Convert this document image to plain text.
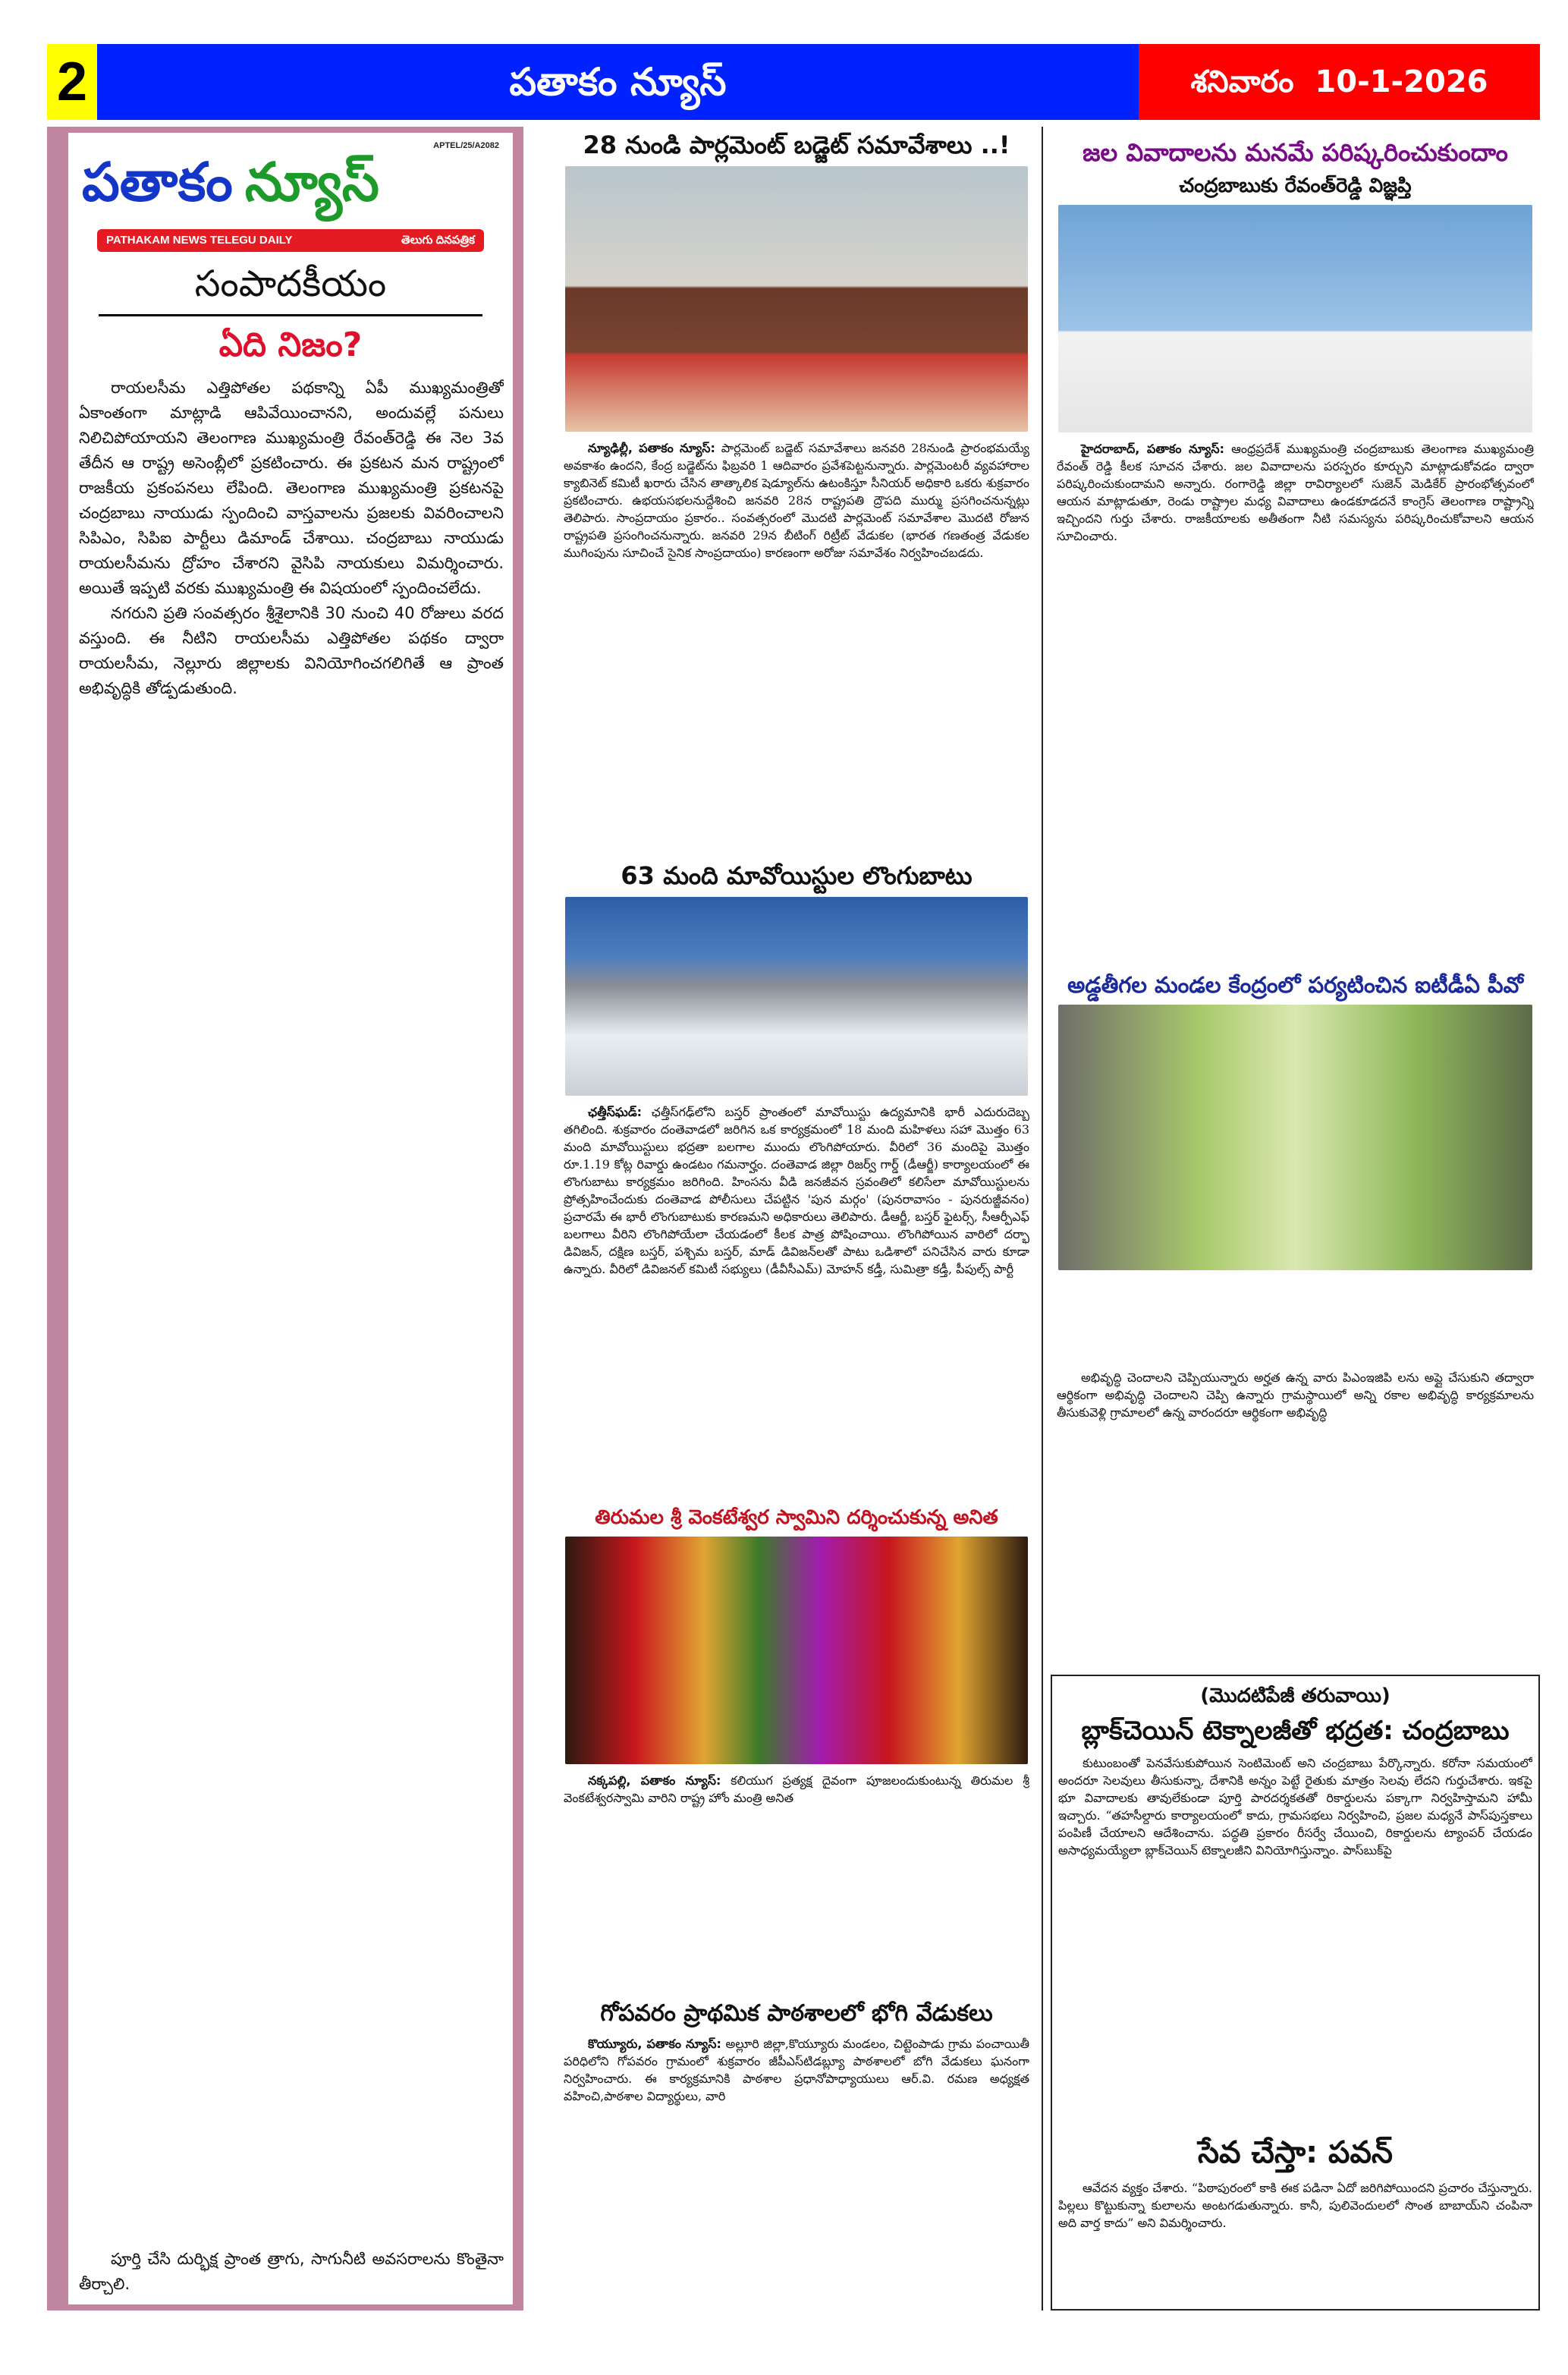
2	పతాకం న్యూస్	శనివారం 10-1-2026
APTEL/25/A2082
పతాకం న్యూస్
PATHAKAM NEWS TELEGU DAILY	తెలుగు దినపత్రిక
సంపాదకీయం
ఏది నిజం?

రాయలసీమ ఎత్తిపోతల పథకాన్ని ఏపీ ముఖ్యమంత్రితో ఏకాంతంగా మాట్లాడి ఆపివేయించానని, అందువల్లే పనులు నిలిచిపోయాయని తెలంగాణ ముఖ్యమంత్రి రేవంత్‌రెడ్డి ఈ నెల 3వ తేదీన ఆ రాష్ట్ర అసెంబ్లీలో ప్రకటించారు. ఈ ప్రకటన మన రాష్ట్రంలో రాజకీయ ప్రకంపనలు లేపింది. తెలంగాణ ముఖ్యమంత్రి ప్రకటనపై చంద్రబాబు నాయుడు స్పందించి వాస్తవాలను ప్రజలకు వివరించాలని సిపిఎం, సిపిఐ పార్టీలు డిమాండ్ చేశాయి. చంద్రబాబు నాయుడు రాయలసీమను ద్రోహం చేశారని వైసిపి నాయకులు విమర్శించారు. అయితే ఇప్పటి వరకు ముఖ్యమంత్రి ఈ విషయంలో స్పందించలేదు.

నగరుని ప్రతి సంవత్సరం శ్రీశైలానికి 30 నుంచి 40 రోజులు వరద వస్తుంది. ఈ నీటిని రాయలసీమ ఎత్తిపోతల పథకం ద్వారా రాయలసీమ, నెల్లూరు జిల్లాలకు వినియోగించగలిగితే ఆ ప్రాంత అభివృద్ధికి తోడ్పడుతుంది.

పూర్తి చేసి దుర్భిక్ష ప్రాంత త్రాగు, సాగునీటి అవసరాలను కొంతైనా తీర్చాలి.

28 నుండి పార్లమెంట్ బడ్జెట్ సమావేశాలు ..!

న్యూఢిల్లీ, పతాకం న్యూస్: పార్లమెంట్ బడ్జెట్ సమావేశాలు జనవరి 28నుండి ప్రారంభమయ్యే అవకాశం ఉందని, కేంద్ర బడ్జెట్‌ను ఫిబ్రవరి 1 ఆదివారం ప్రవేశపెట్టనున్నారు. పార్లమెంటరీ వ్యవహారాల క్యాబినెట్ కమిటీ ఖరారు చేసిన తాత్కాలిక షెడ్యూల్‌ను ఉటంకిస్తూ సీనియర్ అధికారి ఒకరు శుక్రవారం ప్రకటించారు. ఉభయసభలనుద్దేశించి జనవరి 28న రాష్ట్రపతి ద్రౌపది ముర్ము ప్రసగించనున్నట్లు తెలిపారు. సాంప్రదాయం ప్రకారం.. సంవత్సరంలో మొదటి పార్లమెంట్ సమావేశాల మొదటి రోజున రాష్ట్రపతి ప్రసంగించనున్నారు. జనవరి 29న బీటింగ్ రిట్రీట్ వేడుకల (భారత గణతంత్ర వేడుకల ముగింపును సూచించే సైనిక సాంప్రదాయం) కారణంగా అరోజు సమావేశం నిర్వహించబడదు.

63 మంది మావోయిస్టుల లొంగుబాటు

ఛత్తీస్‌ఘడ్: ఛత్తీస్‌గఢ్‌లోని బస్తర్ ప్రాంతంలో మావోయిస్టు ఉద్యమానికి భారీ ఎదురుదెబ్బ తగిలింది. శుక్రవారం దంతెవాడలో జరిగిన ఒక కార్యక్రమంలో 18 మంది మహిళలు సహా మొత్తం 63 మంది మావోయిస్టులు భద్రతా బలగాల ముందు లొంగిపోయారు. వీరిలో 36 మందిపై మొత్తం రూ.1.19 కోట్ల రివార్డు ఉండటం గమనార్హం. దంతెవాడ జిల్లా రిజర్వ్ గార్డ్ (డీఆర్జీ) కార్యాలయంలో ఈ లొంగుబాటు కార్యక్రమం జరిగింది. హింసను వీడి జనజీవన స్రవంతిలో కలిసేలా మావోయిస్టులను ప్రోత్సహించేందుకు దంతెవాడ పోలీసులు చేపట్టిన 'పున మర్గం' (పునరావాసం - పునరుజ్జీవనం) ప్రచారమే ఈ భారీ లొంగుబాటుకు కారణమని అధికారులు తెలిపారు. డీఆర్జీ, బస్తర్ ఫైటర్స్, సీఆర్పీఎఫ్ బలగాలు వీరిని లొంగిపోయేలా చేయడంలో కీలక పాత్ర పోషించాయి. లొంగిపోయిన వారిలో దర్భా డివిజన్, దక్షిణ బస్తర్, పశ్చిమ బస్తర్, మాడ్ డివిజన్‌లతో పాటు ఒడిశాలో పనిచేసిన వారు కూడా ఉన్నారు. వీరిలో డివిజనల్ కమిటీ సభ్యులు (డీవీసీఎమ్) మోహన్ కడ్తీ, సుమిత్రా కడ్తీ, పీపుల్స్ పార్టీ

తిరుమల శ్రీ వెంకటేశ్వర స్వామిని దర్శించుకున్న అనిత

నక్కపల్లి, పతాకం న్యూస్: కలియుగ ప్రత్యక్ష దైవంగా పూజలందుకుంటున్న తిరుమల శ్రీ వెంకటేశ్వరస్వామి వారిని రాష్ట్ర హోం మంత్రి అనిత

గోపవరం ప్రాథమిక పాఠశాలలో భోగి వేడుకలు

కొయ్యూరు, పతాకం న్యూస్: అల్లూరి జిల్లా,కొయ్యూరు మండలం, చిట్టెంపాడు గ్రామ పంచాయితీ పరిధిలోని గోపవరం గ్రామంలో శుక్రవారం జీపీఎస్‌టిడబ్ల్యూ పాఠశాలలో బోగి వేడుకలు ఘనంగా నిర్వహించారు. ఈ కార్యక్రమానికి పాఠశాల ప్రధానోపాధ్యాయులు ఆర్.వి. రమణ అధ్యక్షత వహించి,పాఠశాల విద్యార్థులు, వారి

జల వివాదాలను మనమే పరిష్కరించుకుందాం
చంద్రబాబుకు రేవంత్‌రెడ్డి విజ్ఞప్తి

హైదరాబాద్, పతాకం న్యూస్: ఆంధ్రప్రదేశ్ ముఖ్యమంత్రి చంద్రబాబుకు తెలంగాణ ముఖ్యమంత్రి రేవంత్ రెడ్డి కీలక సూచన చేశారు. జల వివాదాలను పరస్పరం కూర్చుని మాట్లాడుకోవడం ద్వారా పరిష్కరించుకుందామని అన్నారు. రంగారెడ్డి జిల్లా రావిర్యాలలో సుజెన్ మెడికేర్ ప్రారంభోత్సవంలో ఆయన మాట్లాడుతూ, రెండు రాష్ట్రాల మధ్య వివాదాలు ఉండకూడదనే కాంగ్రెస్ తెలంగాణ రాష్ట్రాన్ని ఇచ్చిందని గుర్తు చేశారు. రాజకీయాలకు అతీతంగా నీటి సమస్యను పరిష్కరించుకోవాలని ఆయన సూచించారు.

అడ్డతీగల మండల కేంద్రంలో పర్యటించిన ఐటీడీఏ పీవో

అభివృద్ధి చెందాలని చెప్పియున్నారు అర్హత ఉన్న వారు పిఎంఇజిపి లను అప్లై చేసుకుని తద్వారా ఆర్థికంగా అభివృద్ధి చెందాలని చెప్పి ఉన్నారు గ్రామస్థాయిలో అన్ని రకాల అభివృద్ధి కార్యక్రమాలను తీసుకువెళ్లి గ్రామాలలో ఉన్న వారందరూ ఆర్థికంగా అభివృద్ధి

(మొదటిపేజీ తరువాయి)
బ్లాక్‌చెయిన్ టెక్నాలజీతో భద్రత: చంద్రబాబు

కుటుంబంతో పెనవేసుకుపోయిన సెంటిమెంట్ అని చంద్రబాబు పేర్కొన్నారు. కరోనా సమయంలో అందరూ సెలవులు తీసుకున్నా, దేశానికి అన్నం పెట్టే రైతుకు మాత్రం సెలవు లేదని గుర్తుచేశారు. ఇకపై భూ వివాదాలకు తావులేకుండా పూర్తి పారదర్శకతతో రికార్డులను పక్కాగా నిర్వహిస్తామని హామీ ఇచ్చారు. “తహసీల్దారు కార్యాలయంలో కాదు, గ్రామసభలు నిర్వహించి, ప్రజల మధ్యనే పాస్‌పుస్తకాలు పంపిణీ చేయాలని ఆదేశించాను. పద్ధతి ప్రకారం రీసర్వే చేయించి, రికార్డులను ట్యాంపర్ చేయడం అసాధ్యమయ్యేలా బ్లాక్‌చెయిన్ టెక్నాలజీని వినియోగిస్తున్నాం. పాస్‌బుక్‌పై

సేవ చేస్తా: పవన్

ఆవేదన వ్యక్తం చేశారు. “పిఠాపురంలో కాకి ఈక పడినా ఏదో జరిగిపోయిందని ప్రచారం చేస్తున్నారు. పిల్లలు కొట్టుకున్నా కులాలను అంటగడుతున్నారు. కానీ, పులివెందులలో సొంత బాబాయ్‌ని చంపినా అది వార్త కాదు” అని విమర్శించారు.
